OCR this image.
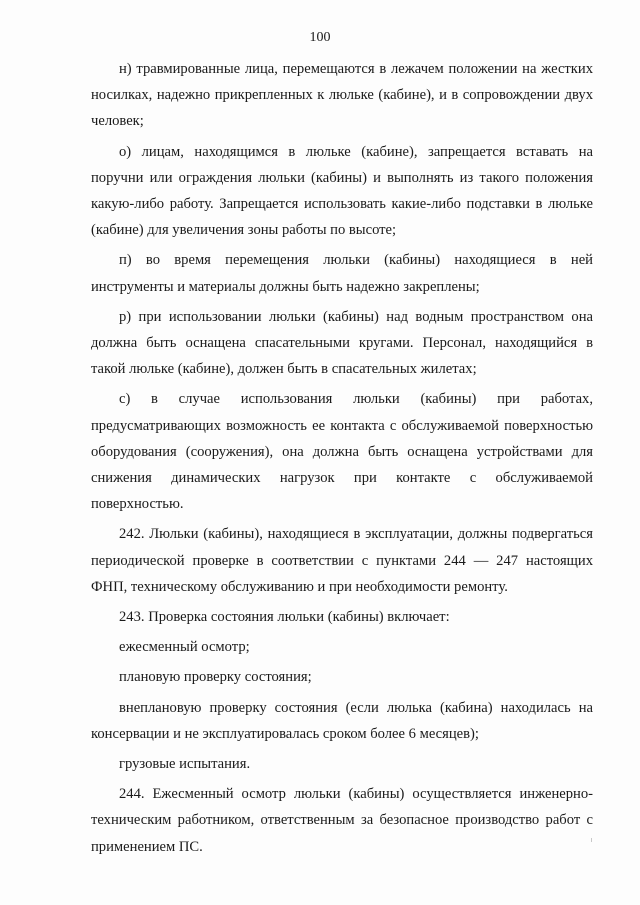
100

н) травмированные лица, перемещаются в лежачем положении на жестких носилках, надежно прикрепленных к люльке (кабине), и в сопровождении двух человек;

о) лицам, находящимся в люльке (кабине), запрещается вставать на поручни или ограждения люльки (кабины) и выполнять из такого положения какую-либо работу. Запрещается использовать какие-либо подставки в люльке (кабине) для увеличения зоны работы по высоте;

п) во время перемещения люльки (кабины) находящиеся в ней инструменты и материалы должны быть надежно закреплены;

р) при использовании люльки (кабины) над водным пространством она должна быть оснащена спасательными кругами. Персонал, находящийся в такой люльке (кабине), должен быть в спасательных жилетах;

с) в случае использования люльки (кабины) при работах, предусматривающих возможность ее контакта с обслуживаемой поверхностью оборудования (сооружения), она должна быть оснащена устройствами для снижения динамических нагрузок при контакте с обслуживаемой поверхностью.

242. Люльки (кабины), находящиеся в эксплуатации, должны подвергаться периодической проверке в соответствии с пунктами 244 — 247 настоящих ФНП, техническому обслуживанию и при необходимости ремонту.

243. Проверка состояния люльки (кабины) включает:

ежесменный осмотр;

плановую проверку состояния;

внеплановую проверку состояния (если люлька (кабина) находилась на консервации и не эксплуатировалась сроком более 6 месяцев);

грузовые испытания.

244. Ежесменный осмотр люльки (кабины) осуществляется инженерно-техническим работником, ответственным за безопасное производство работ с применением ПС.
